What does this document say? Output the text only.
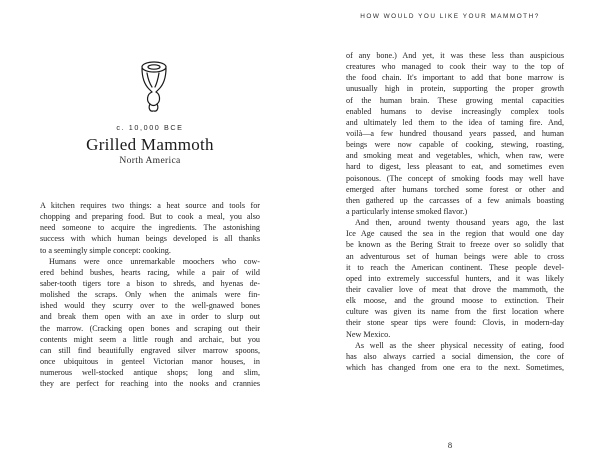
c. 10,000 BCE
Grilled Mammoth
North America
A kitchen requires two things: a heat source and tools for
chopping and preparing food. But to cook a meal, you also
need someone to acquire the ingredients. The astonishing
success with which human beings developed is all thanks
to a seemingly simple concept: cooking.
Humans were once unremarkable moochers who cow-
ered behind bushes, hearts racing, while a pair of wild
saber-tooth tigers tore a bison to shreds, and hyenas de-
molished the scraps. Only when the animals were fin-
ished would they scurry over to the well-gnawed bones
and break them open with an axe in order to slurp out
the marrow. (Cracking open bones and scraping out their
contents might seem a little rough and archaic, but you
can still find beautifully engraved silver marrow spoons,
once ubiquitous in genteel Victorian manor houses, in
numerous well-stocked antique shops; long and slim,
they are perfect for reaching into the nooks and crannies
HOW WOULD YOU LIKE YOUR MAMMOTH?
of any bone.) And yet, it was these less than auspicious
creatures who managed to cook their way to the top of
the food chain. It's important to add that bone marrow is
unusually high in protein, supporting the proper growth
of the human brain. These growing mental capacities
enabled humans to devise increasingly complex tools
and ultimately led them to the idea of taming fire. And,
voilà—a few hundred thousand years passed, and human
beings were now capable of cooking, stewing, roasting,
and smoking meat and vegetables, which, when raw, were
hard to digest, less pleasant to eat, and sometimes even
poisonous. (The concept of smoking foods may well have
emerged after humans torched some forest or other and
then gathered up the carcasses of a few animals boasting
a particularly intense smoked flavor.)
And then, around twenty thousand years ago, the last
Ice Age caused the sea in the region that would one day
be known as the Bering Strait to freeze over so solidly that
an adventurous set of human beings were able to cross
it to reach the American continent. These people devel-
oped into extremely successful hunters, and it was likely
their cavalier love of meat that drove the mammoth, the
elk moose, and the ground moose to extinction. Their
culture was given its name from the first location where
their stone spear tips were found: Clovis, in modern-day
New Mexico.
As well as the sheer physical necessity of eating, food
has also always carried a social dimension, the core of
which has changed from one era to the next. Sometimes,
8
